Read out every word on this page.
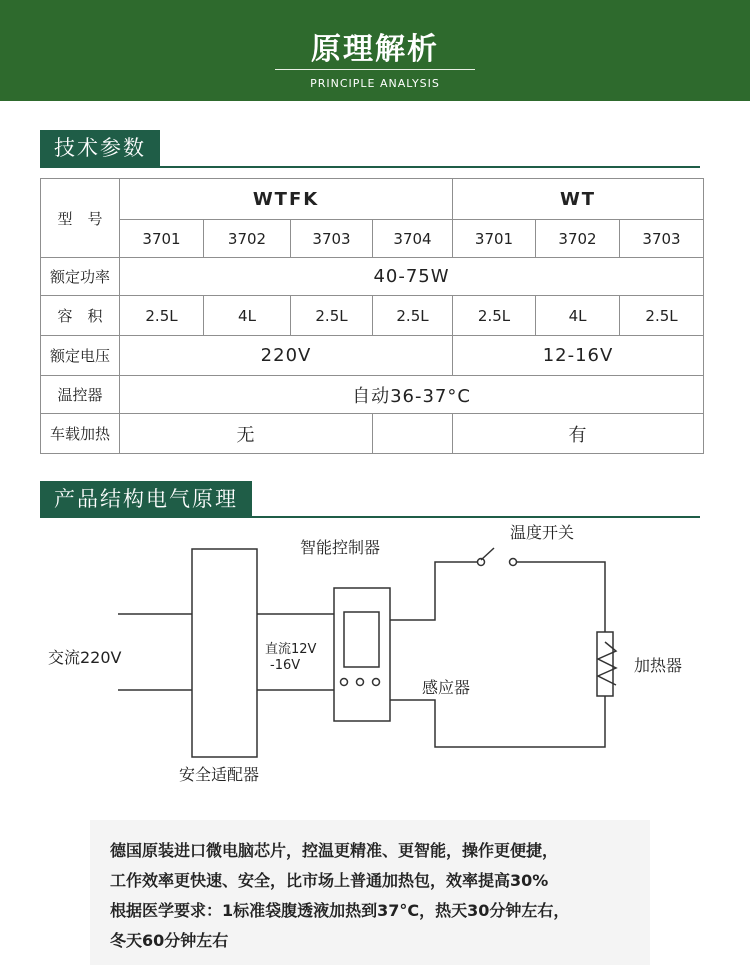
原理解析
PRINCIPLE ANALYSIS
技术参数
型　号	WTFK				WT		
	3701	3702	3703	3704	3701	3702	3703
额定功率	40-75W						
容　积	2.5L	4L	2.5L	2.5L	2.5L	4L	2.5L
额定电压	220V				12-16V		
温控器	自动36-37°C						
车载加热	无				有		
产品结构电气原理
交流220V
安全适配器
直流12V
-16V
智能控制器
温度开关
感应器
加热器

德国原装进口微电脑芯片，控温更精准、更智能，操作更便捷，
工作效率更快速、安全，比市场上普通加热包，效率提高30%
根据医学要求：1标准袋腹透液加热到37°C，热天30分钟左右，
冬天60分钟左右
